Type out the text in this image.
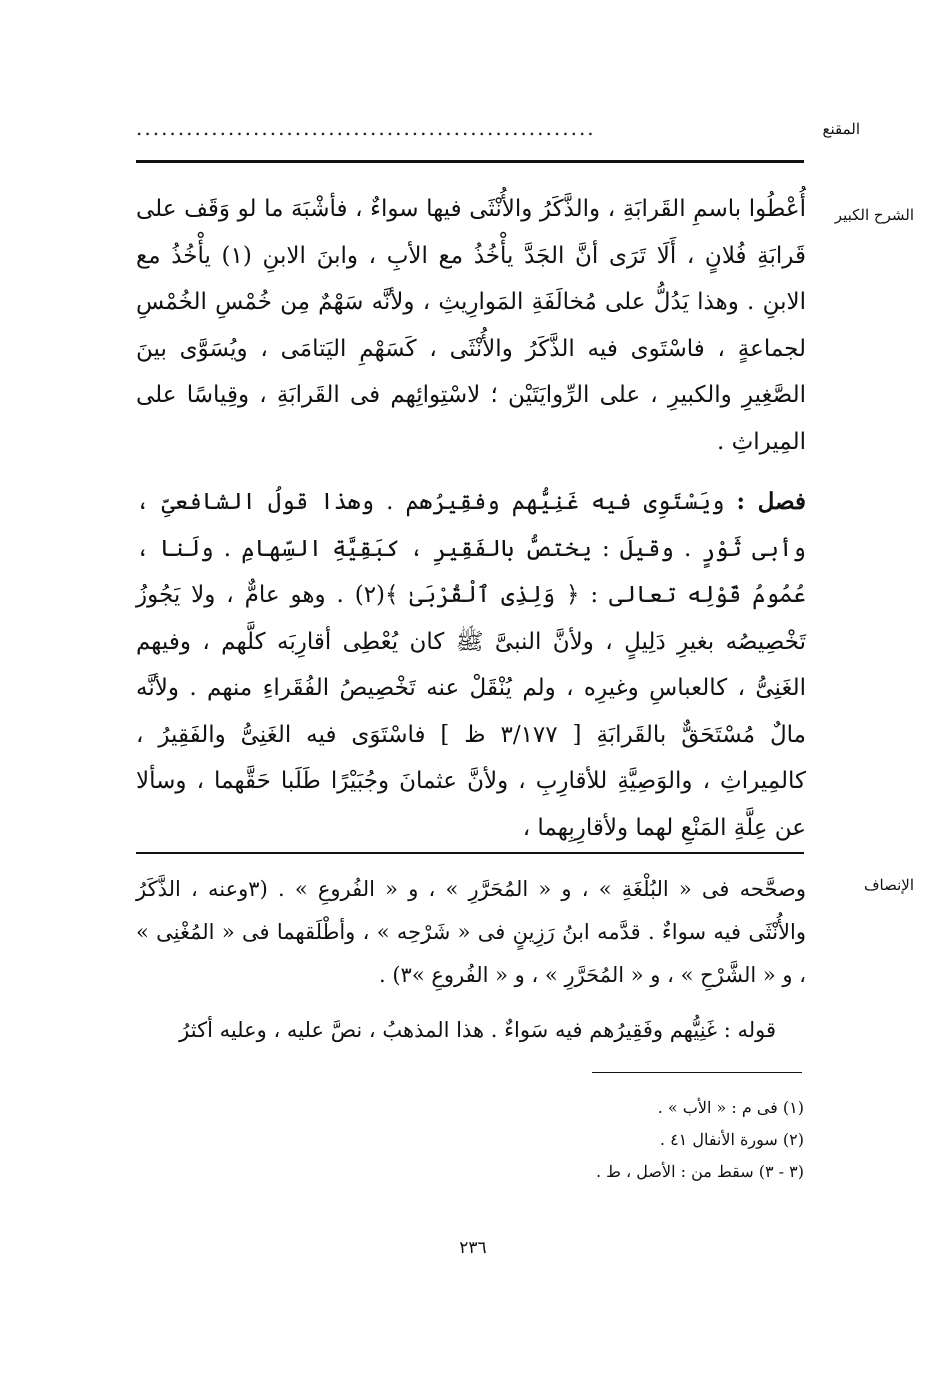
المقنع
.......................................................
الشرح الكبير

أُعْطُوا باسمِ القَرابَةِ ، والذَّكَرُ والأُنْثَى فيها سواءٌ ، فأشْبَهَ ما لو وَقَف على قَرابَةِ فُلانٍ ، أَلَا تَرَى أنَّ الجَدَّ يأْخُذُ مع الأبِ ، وابنَ الابنِ (١) يأْخُذُ مع الابنِ . وهذا يَدُلُّ على مُخالَفَةِ المَوارِيثِ ، ولأنَّه سَهْمٌ مِن خُمْسِ الخُمْسِ لجماعةٍ ، فاسْتَوى فيه الذَّكَرُ والأُنْثَى ، كَسَهْمِ اليَتامَى ، ويُسَوَّى بينَ الصَّغِيرِ والكبيرِ ، على الرِّوايَتَيْن ؛ لاسْتِوائِهم فى القَرابَةِ ، وقِياسًا على المِيراثِ .

فصل : ويَسْتَوِى فيه غَنِيُّهم وفقِيرُهم . وهذا قولُ الشافعىِّ ، وأبى ثَوْرٍ . وقيلَ : يختصُّ بالفَقِيرِ ، كبَقِيَّةِ السِّهامِ . ولَنا ، عُمُومُ قَوْلِه تعالى : ﴿ وَلِذِى ٱلْقُرْبَىٰ ﴾(٢) . وهو عامٌّ ، ولا يَجُوزُ تَخْصِيصُه بغيرِ دَلِيلٍ ، ولأنَّ النبىَّ ﷺ كان يُعْطِى أقارِبَه كلَّهم ، وفيهم الغَنِىُّ ، كالعباسِ وغيرِه ، ولم يُنْقَلْ عنه تَخْصِيصُ الفُقَراءِ منهم . ولأنَّه مالٌ مُسْتَحَقٌّ بالقَرابَةِ [ ٣/١٧٧ ظ ] فاسْتَوَى فيه الغَنِىُّ والفَقِيرُ ، كالمِيراثِ ، والوَصِيَّةِ للأقارِبِ ، ولأنَّ عثمانَ وجُبَيْرًا طَلَبا حَقَّهما ، وسألا عن عِلَّةِ المَنْعِ لهما ولأقارِبِهما ،

الإنصاف

وصحَّحه فى « البُلْغَةِ » ، و « المُحَرَّرِ » ، و « الفُروعِ » . (٣وعنه ، الذَّكَرُ والأُنْثَى فيه سواءٌ . قدَّمه ابنُ رَزِينٍ فى « شَرْحِه » ، وأطْلَقهما فى « المُغْنِى » ، و « الشَّرْحِ » ، و « المُحَرَّرِ » ، و « الفُروعِ »٣) .

قوله : غَنِيُّهم وفَقِيرُهم فيه سَواءٌ . هذا المذهبُ ، نصَّ عليه ، وعليه أكثرُ

(١) فى م : « الأب » .
(٢) سورة الأنفال ٤١ .
(٣ - ٣) سقط من : الأصل ، ط .
٢٣٦
